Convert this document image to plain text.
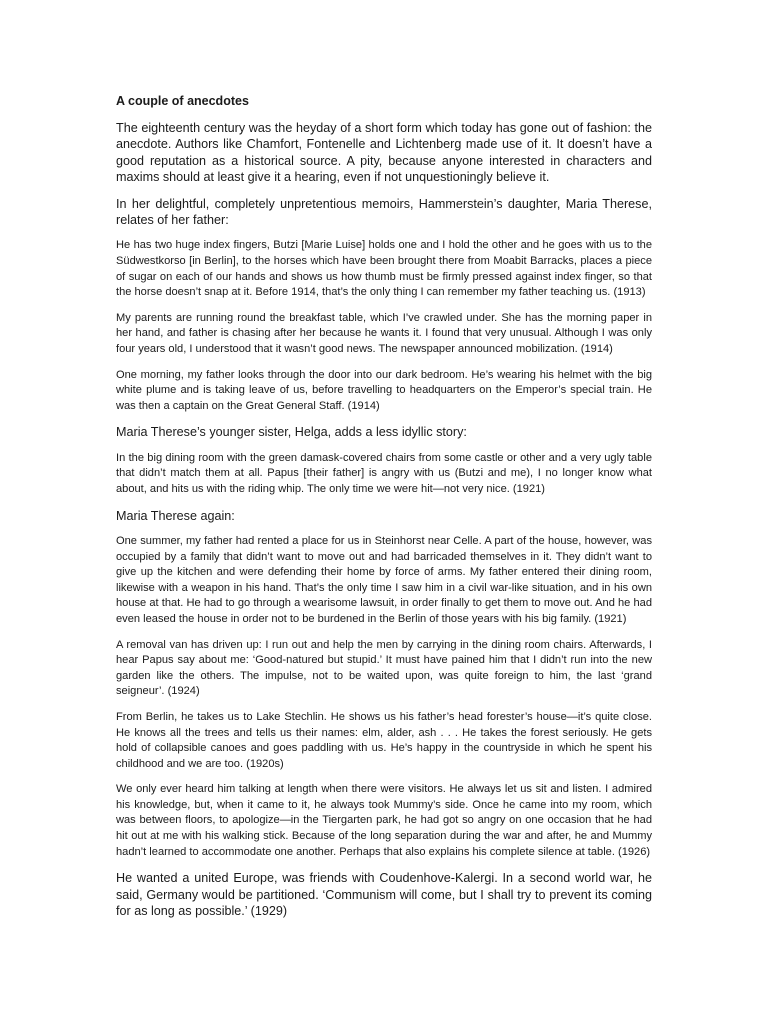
A couple of anecdotes

The eighteenth century was the heyday of a short form which today has gone out of fashion: the anecdote. Authors like Chamfort, Fontenelle and Lichtenberg made use of it. It doesn’t have a good reputation as a historical source. A pity, because anyone interested in characters and maxims should at least give it a hearing, even if not unquestioningly believe it.

In her delightful, completely unpretentious memoirs, Hammerstein’s daughter, Maria Therese, relates of her father:

He has two huge index fingers, Butzi [Marie Luise] holds one and I hold the other and he goes with us to the Südwestkorso [in Berlin], to the horses which have been brought there from Moabit Barracks, places a piece of sugar on each of our hands and shows us how thumb must be firmly pressed against index finger, so that the horse doesn’t snap at it. Before 1914, that’s the only thing I can remember my father teaching us. (1913)

My parents are running round the breakfast table, which I’ve crawled under. She has the morning paper in her hand, and father is chasing after her because he wants it. I found that very unusual. Although I was only four years old, I understood that it wasn’t good news. The newspaper announced mobilization. (1914)

One morning, my father looks through the door into our dark bedroom. He’s wearing his helmet with the big white plume and is taking leave of us, before travelling to headquarters on the Emperor’s special train. He was then a captain on the Great General Staff. (1914)

Maria Therese’s younger sister, Helga, adds a less idyllic story:

In the big dining room with the green damask-covered chairs from some castle or other and a very ugly table that didn’t match them at all. Papus [their father] is angry with us (Butzi and me), I no longer know what about, and hits us with the riding whip. The only time we were hit—not very nice. (1921)

Maria Therese again:

One summer, my father had rented a place for us in Steinhorst near Celle. A part of the house, however, was occupied by a family that didn’t want to move out and had barricaded themselves in it. They didn’t want to give up the kitchen and were defending their home by force of arms. My father entered their dining room, likewise with a weapon in his hand. That’s the only time I saw him in a civil war-like situation, and in his own house at that. He had to go through a wearisome lawsuit, in order finally to get them to move out. And he had even leased the house in order not to be burdened in the Berlin of those years with his big family. (1921)

A removal van has driven up: I run out and help the men by carrying in the dining room chairs. Afterwards, I hear Papus say about me: ‘Good-natured but stupid.’ It must have pained him that I didn’t run into the new garden like the others. The impulse, not to be waited upon, was quite foreign to him, the last ‘grand seigneur’. (1924)

From Berlin, he takes us to Lake Stechlin. He shows us his father’s head forester’s house—it’s quite close. He knows all the trees and tells us their names: elm, alder, ash . . . He takes the forest seriously. He gets hold of collapsible canoes and goes paddling with us. He’s happy in the countryside in which he spent his childhood and we are too. (1920s)

We only ever heard him talking at length when there were visitors. He always let us sit and listen. I admired his knowledge, but, when it came to it, he always took Mummy’s side. Once he came into my room, which was between floors, to apologize—in the Tiergarten park, he had got so angry on one occasion that he had hit out at me with his walking stick. Because of the long separation during the war and after, he and Mummy hadn’t learned to accommodate one another. Perhaps that also explains his complete silence at table. (1926)

He wanted a united Europe, was friends with Coudenhove-Kalergi. In a second world war, he said, Germany would be partitioned. ‘Communism will come, but I shall try to prevent its coming for as long as possible.’ (1929)
